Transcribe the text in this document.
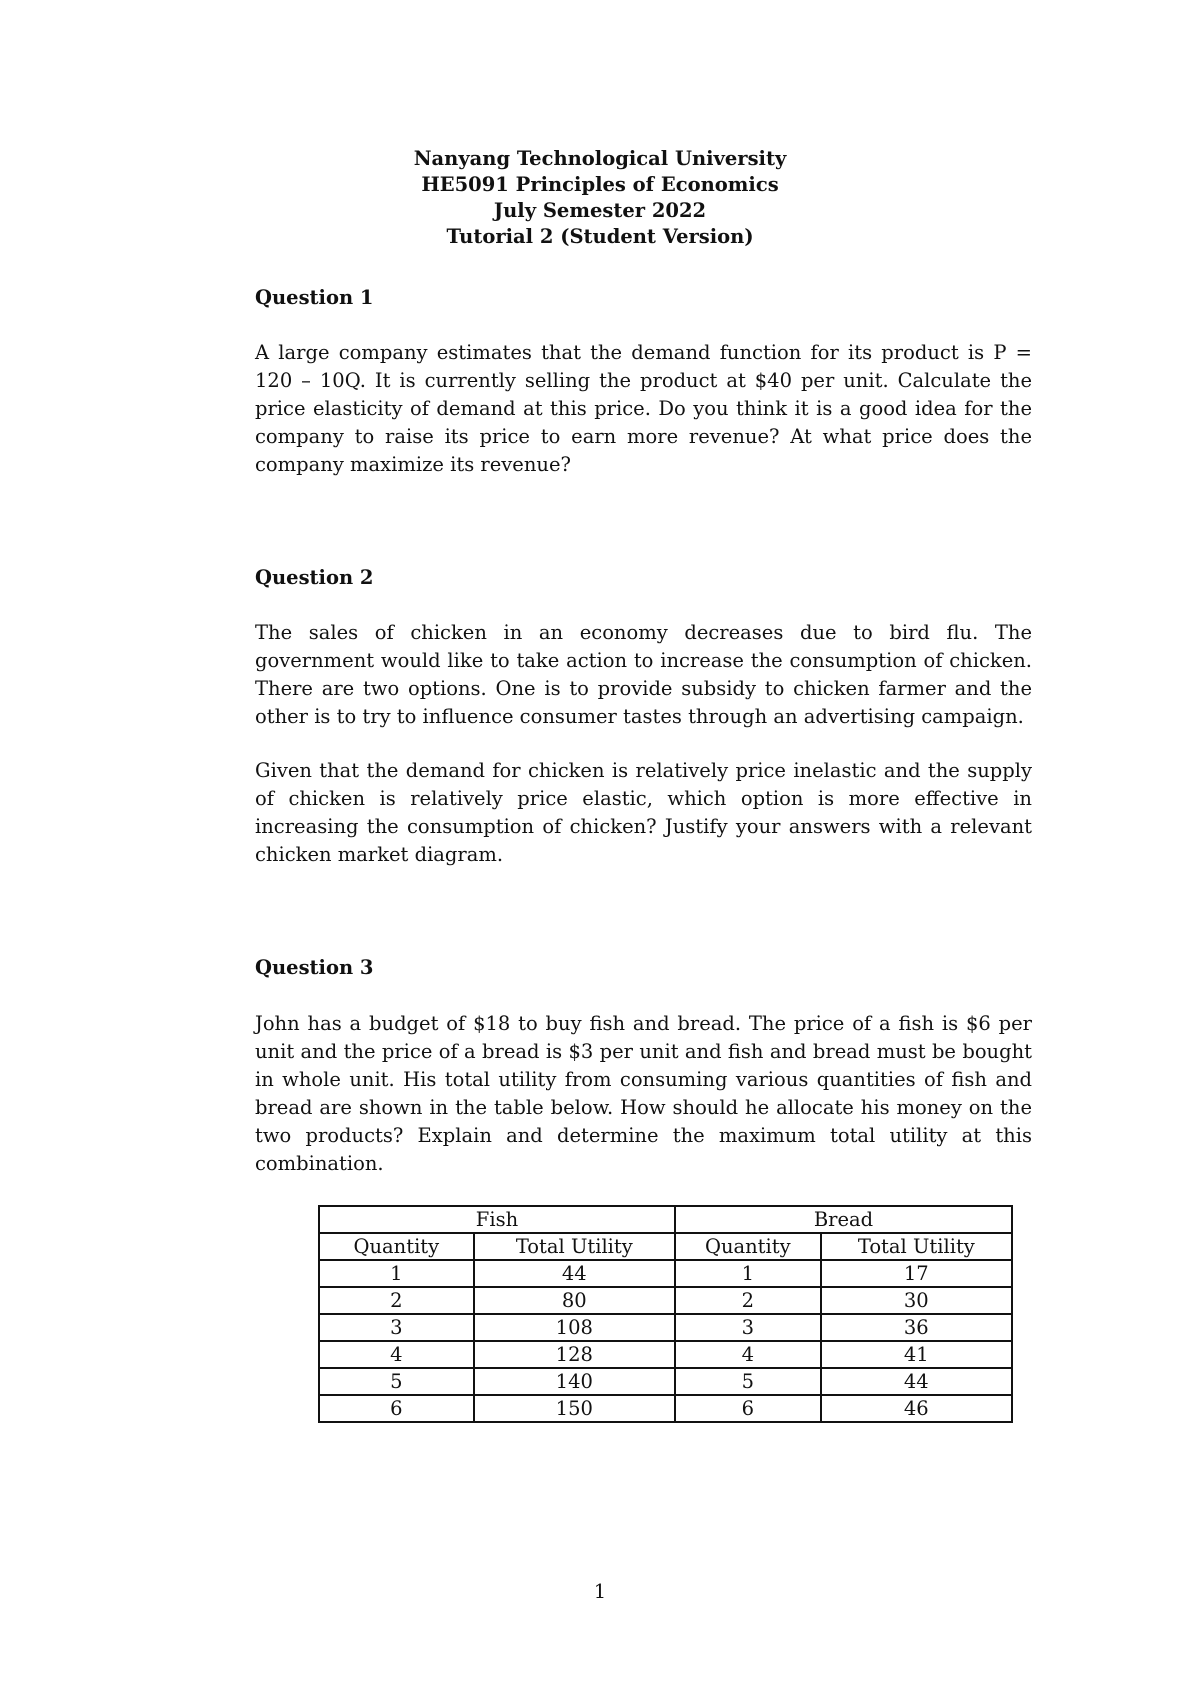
Nanyang Technological University
HE5091 Principles of Economics
July Semester 2022
Tutorial 2 (Student Version)
Question 1
A large company estimates that the demand function for its product is P = 120 – 10Q. It is currently selling the product at $40 per unit. Calculate the price elasticity of demand at this price. Do you think it is a good idea for the company to raise its price to earn more revenue? At what price does the company maximize its revenue?
Question 2
The sales of chicken in an economy decreases due to bird flu. The government would like to take action to increase the consumption of chicken. There are two options. One is to provide subsidy to chicken farmer and the other is to try to influence consumer tastes through an advertising campaign.
Given that the demand for chicken is relatively price inelastic and the supply of chicken is relatively price elastic, which option is more effective in increasing the consumption of chicken? Justify your answers with a relevant chicken market diagram.
Question 3
John has a budget of $18 to buy fish and bread. The price of a fish is $6 per unit and the price of a bread is $3 per unit and fish and bread must be bought in whole unit. His total utility from consuming various quantities of fish and bread are shown in the table below. How should he allocate his money on the two products? Explain and determine the maximum total utility at this combination.
Fish		Bread	
Quantity	Total Utility	Quantity	Total Utility
1	44	1	17
2	80	2	30
3	108	3	36
4	128	4	41
5	140	5	44
6	150	6	46
1
